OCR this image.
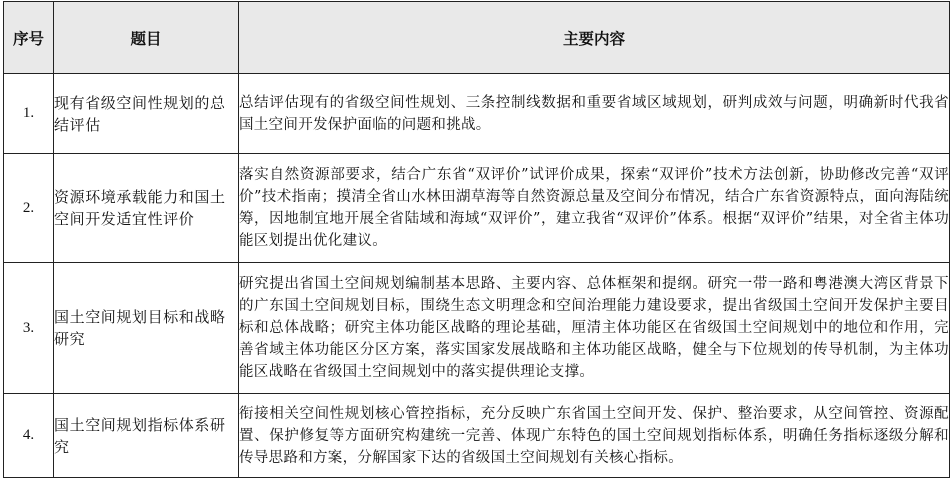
序号	题目	主要内容
1.	现有省级空间性规划的总结评估	总结评估现有的省级空间性规划、三条控制线数据和重要省域区域规划，研判成效与问题，明确新时代我省国土空间开发保护面临的问题和挑战。
2.	资源环境承载能力和国土空间开发适宜性评价	落实自然资源部要求，结合广东省“双评价”试评价成果，探索“双评价”技术方法创新，协助修改完善“双评价”技术指南；摸清全省山水林田湖草海等自然资源总量及空间分布情况，结合广东省资源特点，面向海陆统筹，因地制宜地开展全省陆域和海域“双评价”，建立我省“双评价”体系。根据“双评价”结果，对全省主体功能区划提出优化建议。
3.	国土空间规划目标和战略研究	研究提出省国土空间规划编制基本思路、主要内容、总体框架和提纲。研究一带一路和粤港澳大湾区背景下的广东国土空间规划目标，围绕生态文明理念和空间治理能力建设要求，提出省级国土空间开发保护主要目标和总体战略；研究主体功能区战略的理论基础，厘清主体功能区在省级国土空间规划中的地位和作用，完善省域主体功能区分区方案，落实国家发展战略和主体功能区战略，健全与下位规划的传导机制，为主体功能区战略在省级国土空间规划中的落实提供理论支撑。
4.	国土空间规划指标体系研究	衔接相关空间性规划核心管控指标，充分反映广东省国土空间开发、保护、整治要求，从空间管控、资源配置、保护修复等方面研究构建统一完善、体现广东特色的国土空间规划指标体系，明确任务指标逐级分解和传导思路和方案，分解国家下达的省级国土空间规划有关核心指标。
